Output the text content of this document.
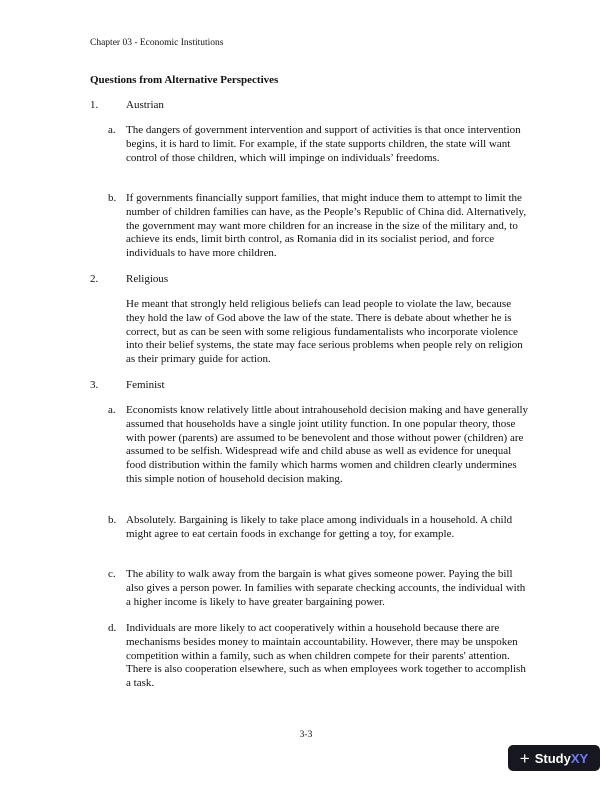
Chapter 03 - Economic Institutions
Questions from Alternative Perspectives
1.	Austrian
a. The dangers of government intervention and support of activities is that once intervention begins, it is hard to limit. For example, if the state supports children, the state will want control of those children, which will impinge on individuals’ freedoms.
b. If governments financially support families, that might induce them to attempt to limit the number of children families can have, as the People’s Republic of China did. Alternatively, the government may want more children for an increase in the size of the military and, to achieve its ends, limit birth control, as Romania did in its socialist period, and force individuals to have more children.
2.	Religious
He meant that strongly held religious beliefs can lead people to violate the law, because they hold the law of God above the law of the state. There is debate about whether he is correct, but as can be seen with some religious fundamentalists who incorporate violence into their belief systems, the state may face serious problems when people rely on religion as their primary guide for action.
3.	Feminist
a. Economists know relatively little about intrahousehold decision making and have generally assumed that households have a single joint utility function. In one popular theory, those with power (parents) are assumed to be benevolent and those without power (children) are assumed to be selfish. Widespread wife and child abuse as well as evidence for unequal food distribution within the family which harms women and children clearly undermines this simple notion of household decision making.
b. Absolutely. Bargaining is likely to take place among individuals in a household. A child might agree to eat certain foods in exchange for getting a toy, for example.
c. The ability to walk away from the bargain is what gives someone power. Paying the bill also gives a person power. In families with separate checking accounts, the individual with a higher income is likely to have greater bargaining power.
d. Individuals are more likely to act cooperatively within a household because there are mechanisms besides money to maintain accountability. However, there may be unspoken competition within a family, such as when children compete for their parents' attention. There is also cooperation elsewhere, such as when employees work together to accomplish a task.
3-3
+ Study XY
